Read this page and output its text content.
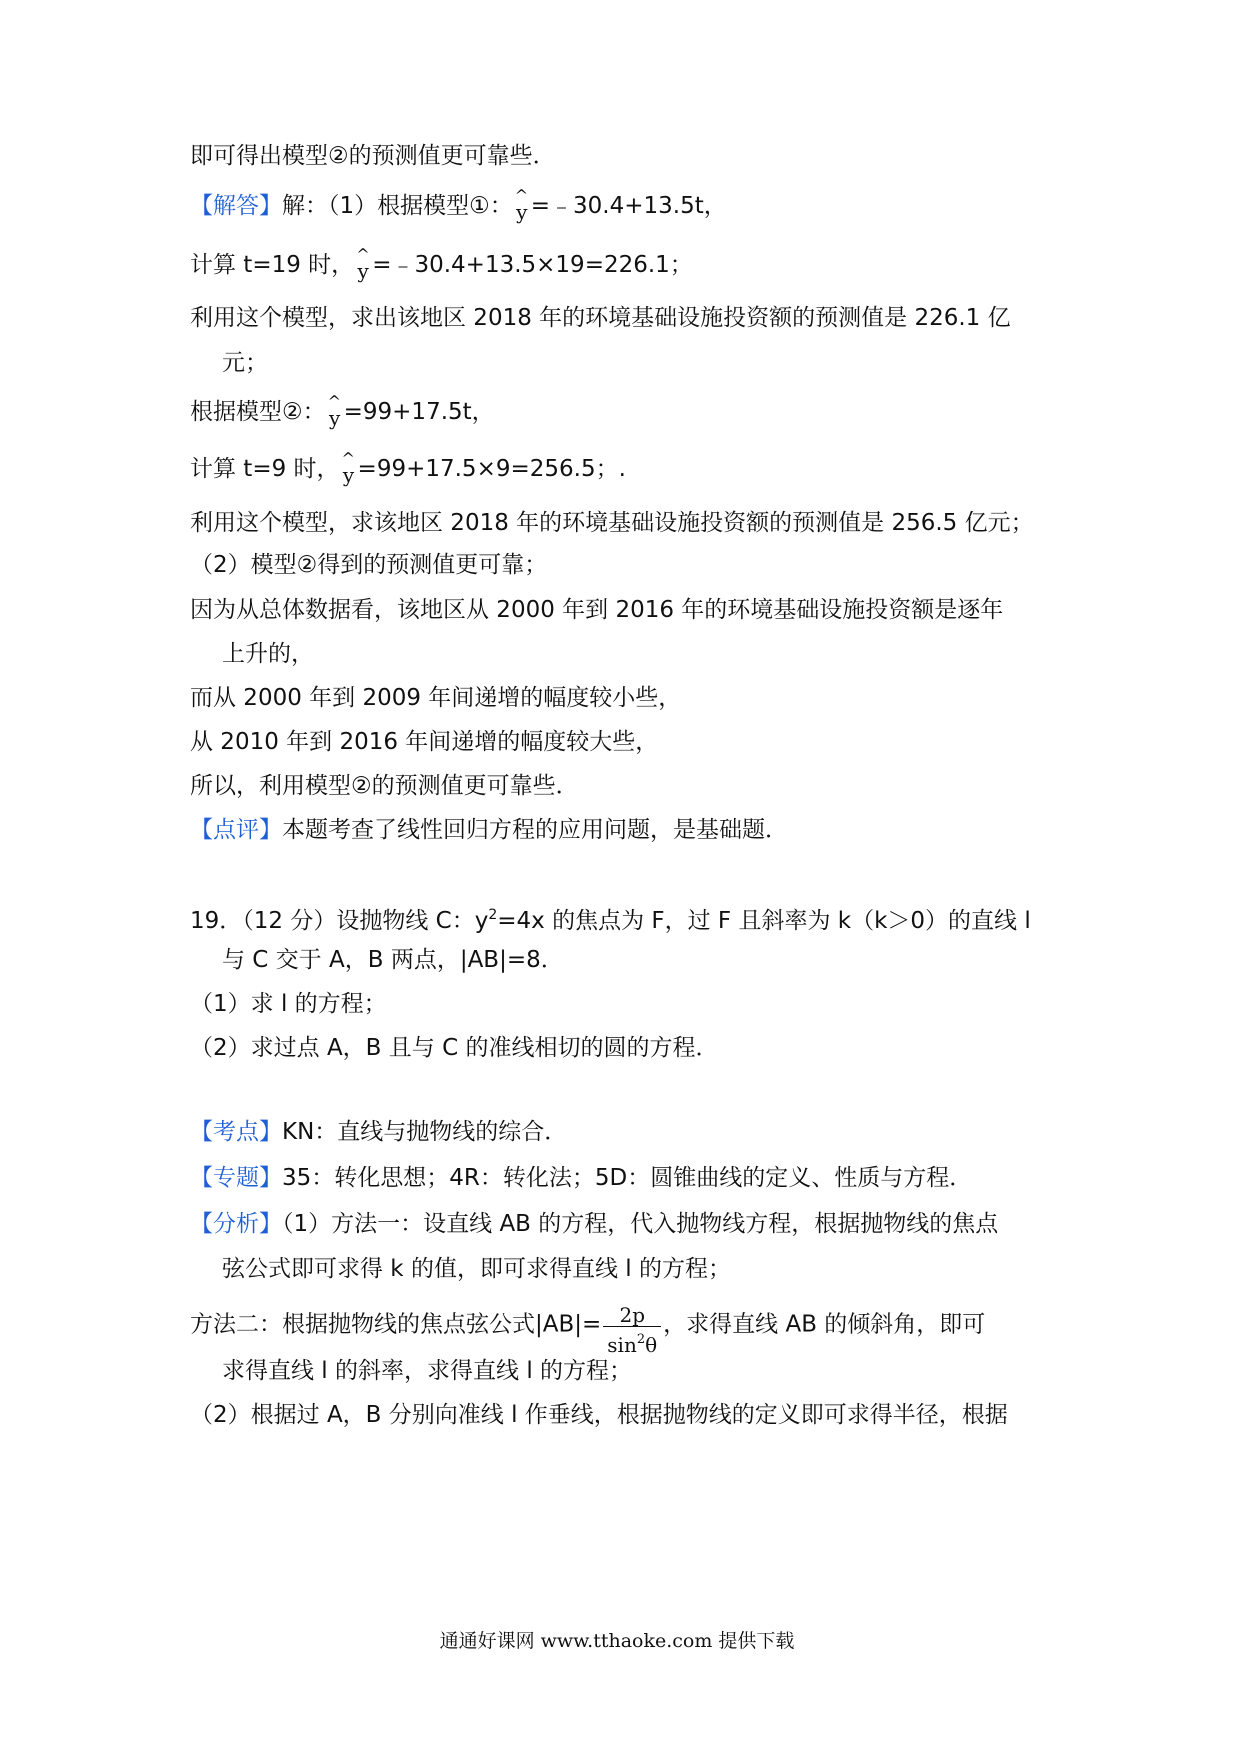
即可得出模型②的预测值更可靠些．
【解答】解：（1）根据模型①： ^
y =﹣30.4+13.5t，
计算 t=19 时， ^
y =﹣30.4+13.5×19=226.1；
利用这个模型，求出该地区 2018 年的环境基础设施投资额的预测值是 226.1 亿
元；
根据模型②： ^
y =99+17.5t，
计算 t=9 时， ^
y =99+17.5×9=256.5；.
利用这个模型，求该地区 2018 年的环境基础设施投资额的预测值是 256.5 亿元；
（2）模型②得到的预测值更可靠；
因为从总体数据看，该地区从 2000 年到 2016 年的环境基础设施投资额是逐年
上升的，
而从 2000 年到 2009 年间递增的幅度较小些，
从 2010 年到 2016 年间递增的幅度较大些，
所以，利用模型②的预测值更可靠些．
【点评】本题考查了线性回归方程的应用问题，是基础题．
19．（12 分）设抛物线 C：$y^2=4x$ 的焦点为 F，过 F 且斜率为 k（k＞0）的直线 l
与 C 交于 A，B 两点，|AB|=8．
（1）求 l 的方程；
（2）求过点 A，B 且与 C 的准线相切的圆的方程．
【考点】KN：直线与抛物线的综合．
【专题】35：转化思想；4R：转化法；5D：圆锥曲线的定义、性质与方程．
【分析】（1）方法一：设直线 AB 的方程，代入抛物线方程，根据抛物线的焦点
弦公式即可求得 k 的值，即可求得直线 l 的方程；
方法二：根据抛物线的焦点弦公式$|AB|= \frac{2p}{\sin^2\theta}$ ，求得直线 AB 的倾斜角，即可
求得直线 l 的斜率，求得直线 l 的方程；
（2）根据过 A，B 分别向准线 l 作垂线，根据抛物线的定义即可求得半径，根据
通通好课网 www.tthaoke.com 提供下载
